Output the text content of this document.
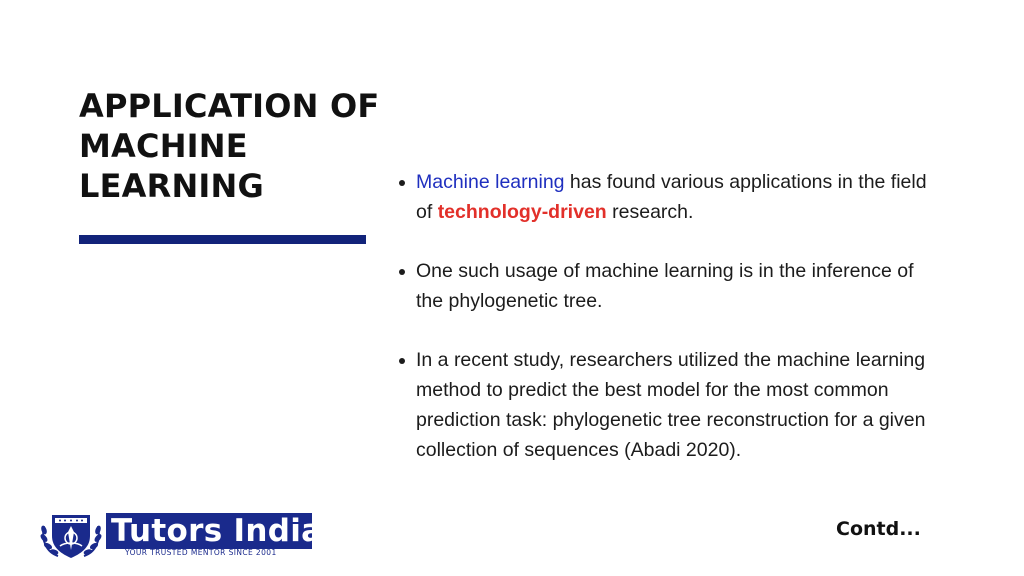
APPLICATION OF
MACHINE
LEARNING	Machine learning has found various applications in the field of technology-driven research.
One such usage of machine learning is in the inference of the phylogenetic tree.
In a recent study, researchers utilized the machine learning method to predict the best model for the most common prediction task: phylogenetic tree reconstruction for a given collection of sequences (Abadi 2020).
Contd...
Tutors India
YOUR TRUSTED MENTOR SINCE 2001
